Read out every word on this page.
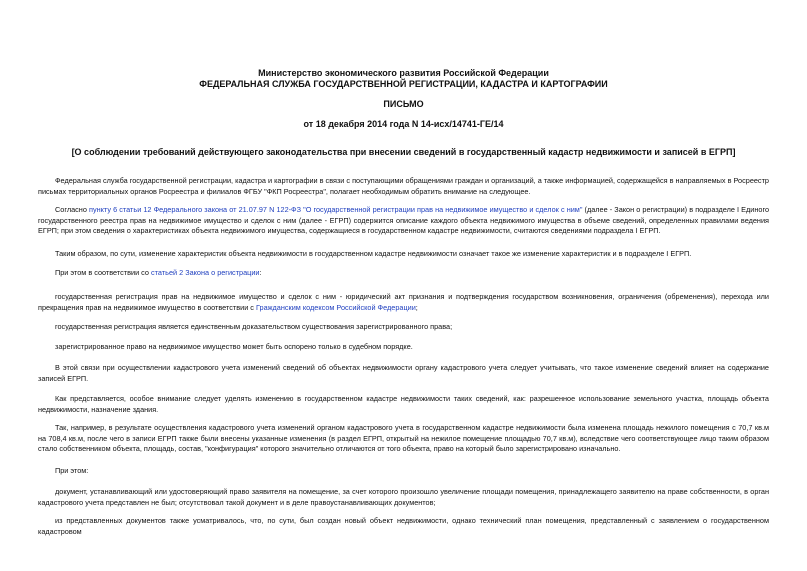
Министерство экономического развития Российской Федерации

ФЕДЕРАЛЬНАЯ СЛУЖБА ГОСУДАРСТВЕННОЙ РЕГИСТРАЦИИ, КАДАСТРА И КАРТОГРАФИИ

ПИСЬМО

от 18 декабря 2014 года N 14-исх/14741-ГЕ/14

[О соблюдении требований действующего законодательства при внесении сведений в государственный кадастр недвижимости и записей в ЕГРП]

Федеральная служба государственной регистрации, кадастра и картографии в связи с поступающими обращениями граждан и организаций, а также информацией, содержащейся в направляемых в Росреестр письмах территориальных органов Росреестра и филиалов ФГБУ "ФКП Росреестра", полагает необходимым обратить внимание на следующее.

Согласно пункту 6 статьи 12 Федерального закона от 21.07.97 N 122-ФЗ "О государственной регистрации прав на недвижимое имущество и сделок с ним" (далее - Закон о регистрации) в подразделе I Единого государственного реестра прав на недвижимое имущество и сделок с ним (далее - ЕГРП) содержится описание каждого объекта недвижимого имущества в объеме сведений, определенных правилами ведения ЕГРП; при этом сведения о характеристиках объекта недвижимого имущества, содержащиеся в государственном кадастре недвижимости, считаются сведениями подраздела I ЕГРП.

Таким образом, по сути, изменение характеристик объекта недвижимости в государственном кадастре недвижимости означает такое же изменение характеристик и в подразделе I ЕГРП.

При этом в соответствии со статьей 2 Закона о регистрации:

государственная регистрация прав на недвижимое имущество и сделок с ним - юридический акт признания и подтверждения государством возникновения, ограничения (обременения), перехода или прекращения прав на недвижимое имущество в соответствии с Гражданским кодексом Российской Федерации;

государственная регистрация является единственным доказательством существования зарегистрированного права;

зарегистрированное право на недвижимое имущество может быть оспорено только в судебном порядке.

В этой связи при осуществлении кадастрового учета изменений сведений об объектах недвижимости органу кадастрового учета следует учитывать, что такое изменение сведений влияет на содержание записей ЕГРП.

Как представляется, особое внимание следует уделять изменению в государственном кадастре недвижимости таких сведений, как: разрешенное использование земельного участка, площадь объекта недвижимости, назначение здания.

Так, например, в результате осуществления кадастрового учета изменений органом кадастрового учета в государственном кадастре недвижимости была изменена площадь нежилого помещения с 70,7 кв.м на 708,4 кв.м, после чего в записи ЕГРП также были внесены указанные изменения (в раздел ЕГРП, открытый на нежилое помещение площадью 70,7 кв.м), вследствие чего соответствующее лицо таким образом стало собственником объекта, площадь, состав, "конфигурация" которого значительно отличаются от того объекта, право на который было зарегистрировано изначально.

При этом:

документ, устанавливающий или удостоверяющий право заявителя на помещение, за счет которого произошло увеличение площади помещения, принадлежащего заявителю на праве собственности, в орган кадастрового учета представлен не был; отсутствовал такой документ и в деле правоустанавливающих документов;

из представленных документов также усматривалось, что, по сути, был создан новый объект недвижимости, однако технический план помещения, представленный с заявлением о государственном кадастровом
